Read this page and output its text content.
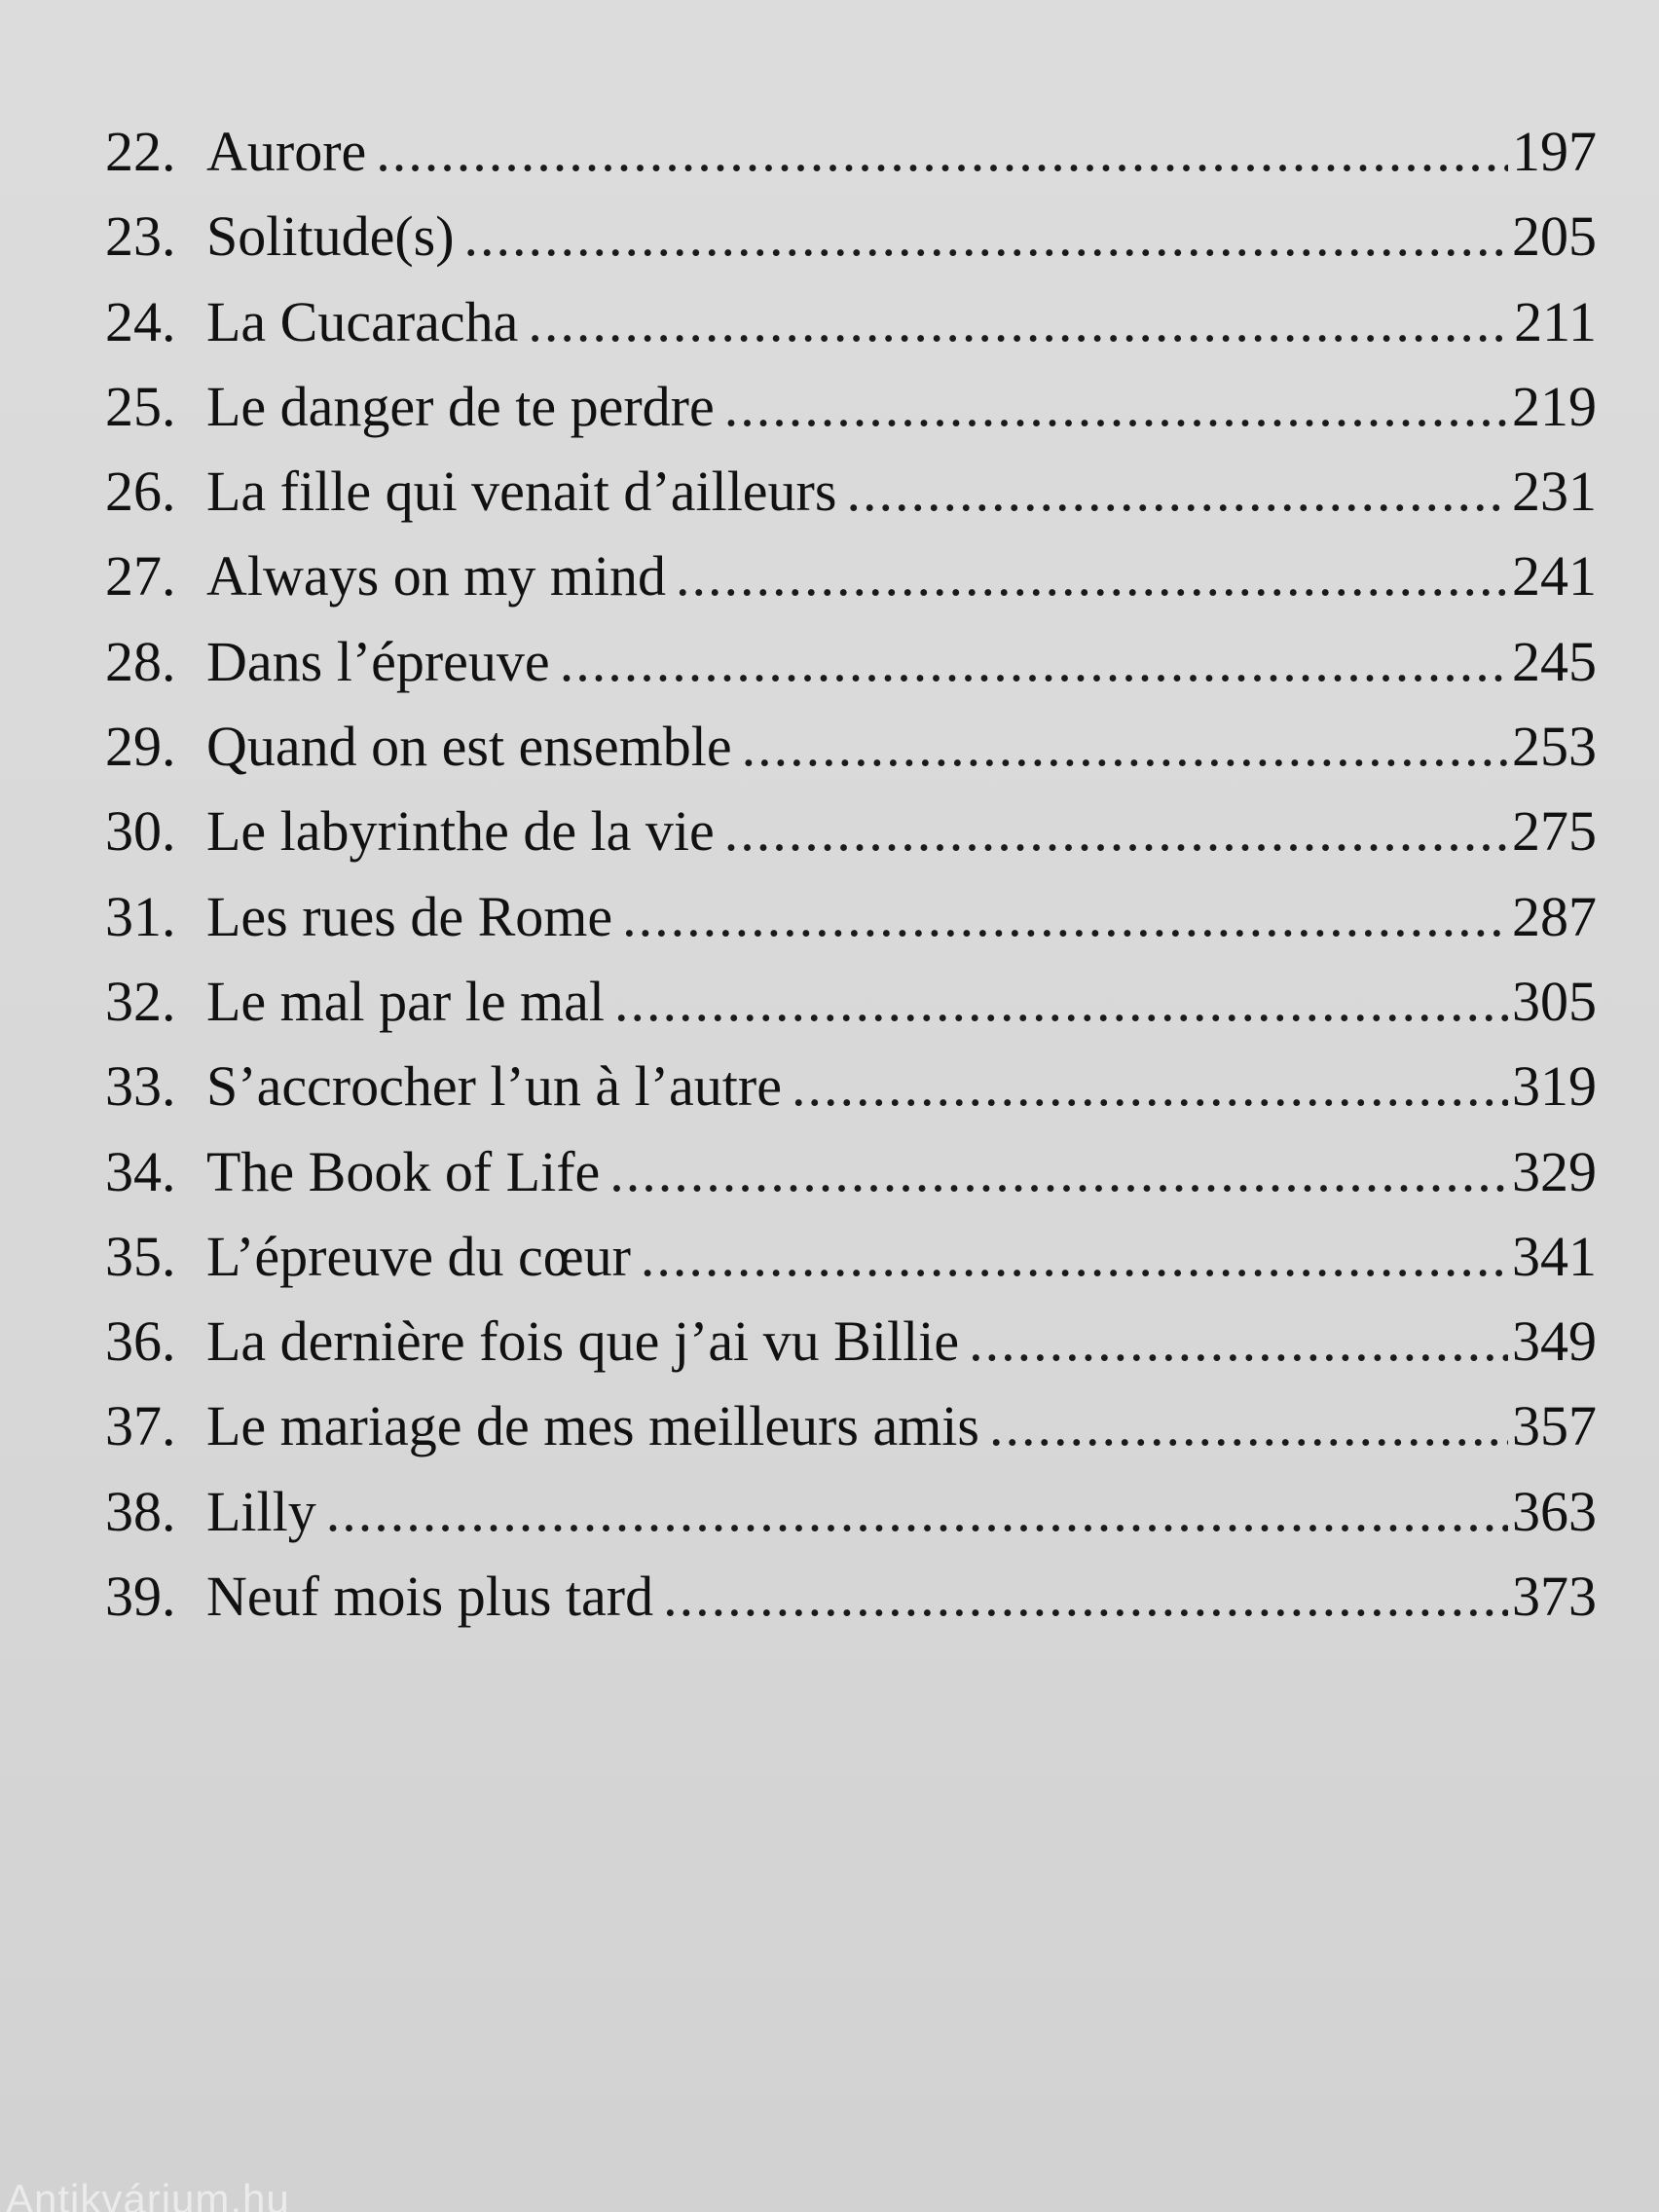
22. Aurore .....	197
23. Solitude(s) .....	205
24. La Cucaracha .....	211
25. Le danger de te perdre .....	219
26. La fille qui venait d’ailleurs .....	231
27. Always on my mind .....	241
28. Dans l’épreuve .....	245
29. Quand on est ensemble .....	253
30. Le labyrinthe de la vie .....	275
31. Les rues de Rome .....	287
32. Le mal par le mal .....	305
33. S’accrocher l’un à l’autre .....	319
34. The Book of Life .....	329
35. L’épreuve du cœur .....	341
36. La dernière fois que j’ai vu Billie .....	349
37. Le mariage de mes meilleurs amis .....	357
38. Lilly .....	363
39. Neuf mois plus tard .....	373
Antikvárium.hu
